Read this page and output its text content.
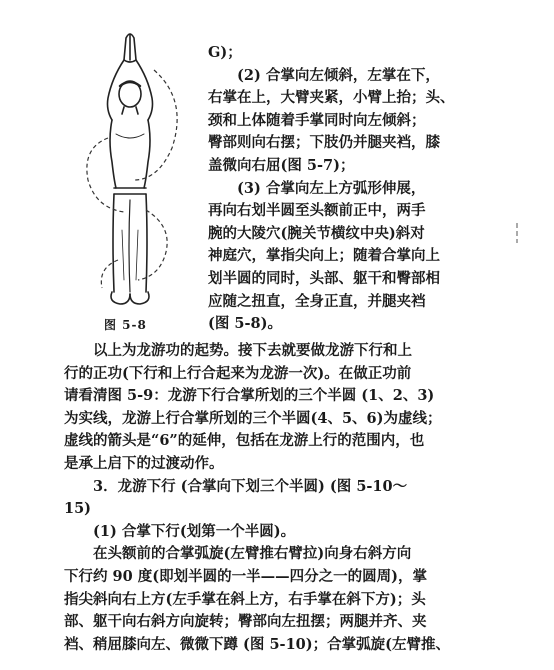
图 5-8
G)；
(2) 合掌向左倾斜，左掌在下，
右掌在上，大臂夹紧，小臂上抬；头、
颈和上体随着手掌同时向左倾斜；
臀部则向右摆；下肢仍并腿夹裆，膝
盖微向右屈(图 5-7)；
(3) 合掌向左上方弧形伸展，
再向右划半圆至头额前正中，两手
腕的大陵穴(腕关节横纹中央)斜对
神庭穴，掌指尖向上；随着合掌向上
划半圆的同时，头部、躯干和臀部相
应随之扭直，全身正直，并腿夹裆
(图 5-8)。
以上为龙游功的起势。接下去就要做龙游下行和上
行的正功(下行和上行合起来为龙游一次)。在做正功前
请看清图 5-9：龙游下行合掌所划的三个半圆 (1、2、3)
为实线，龙游上行合掌所划的三个半圆(4、5、6)为虚线；
虚线的箭头是“6”的延伸，包括在龙游上行的范围内，也
是承上启下的过渡动作。
3．龙游下行 (合掌向下划三个半圆) (图 5-10～
15)
(1) 合掌下行(划第一个半圆)。
在头额前的合掌弧旋(左臂推右臂拉)向身右斜方向
下行约 90 度(即划半圆的一半——四分之一的圆周)，掌
指尖斜向右上方(左手掌在斜上方，右手掌在斜下方)；头
部、躯干向右斜方向旋转；臀部向左扭摆；两腿并齐、夹
裆、稍屈膝向左、微微下蹲 (图 5-10)；合掌弧旋(左臂推、
